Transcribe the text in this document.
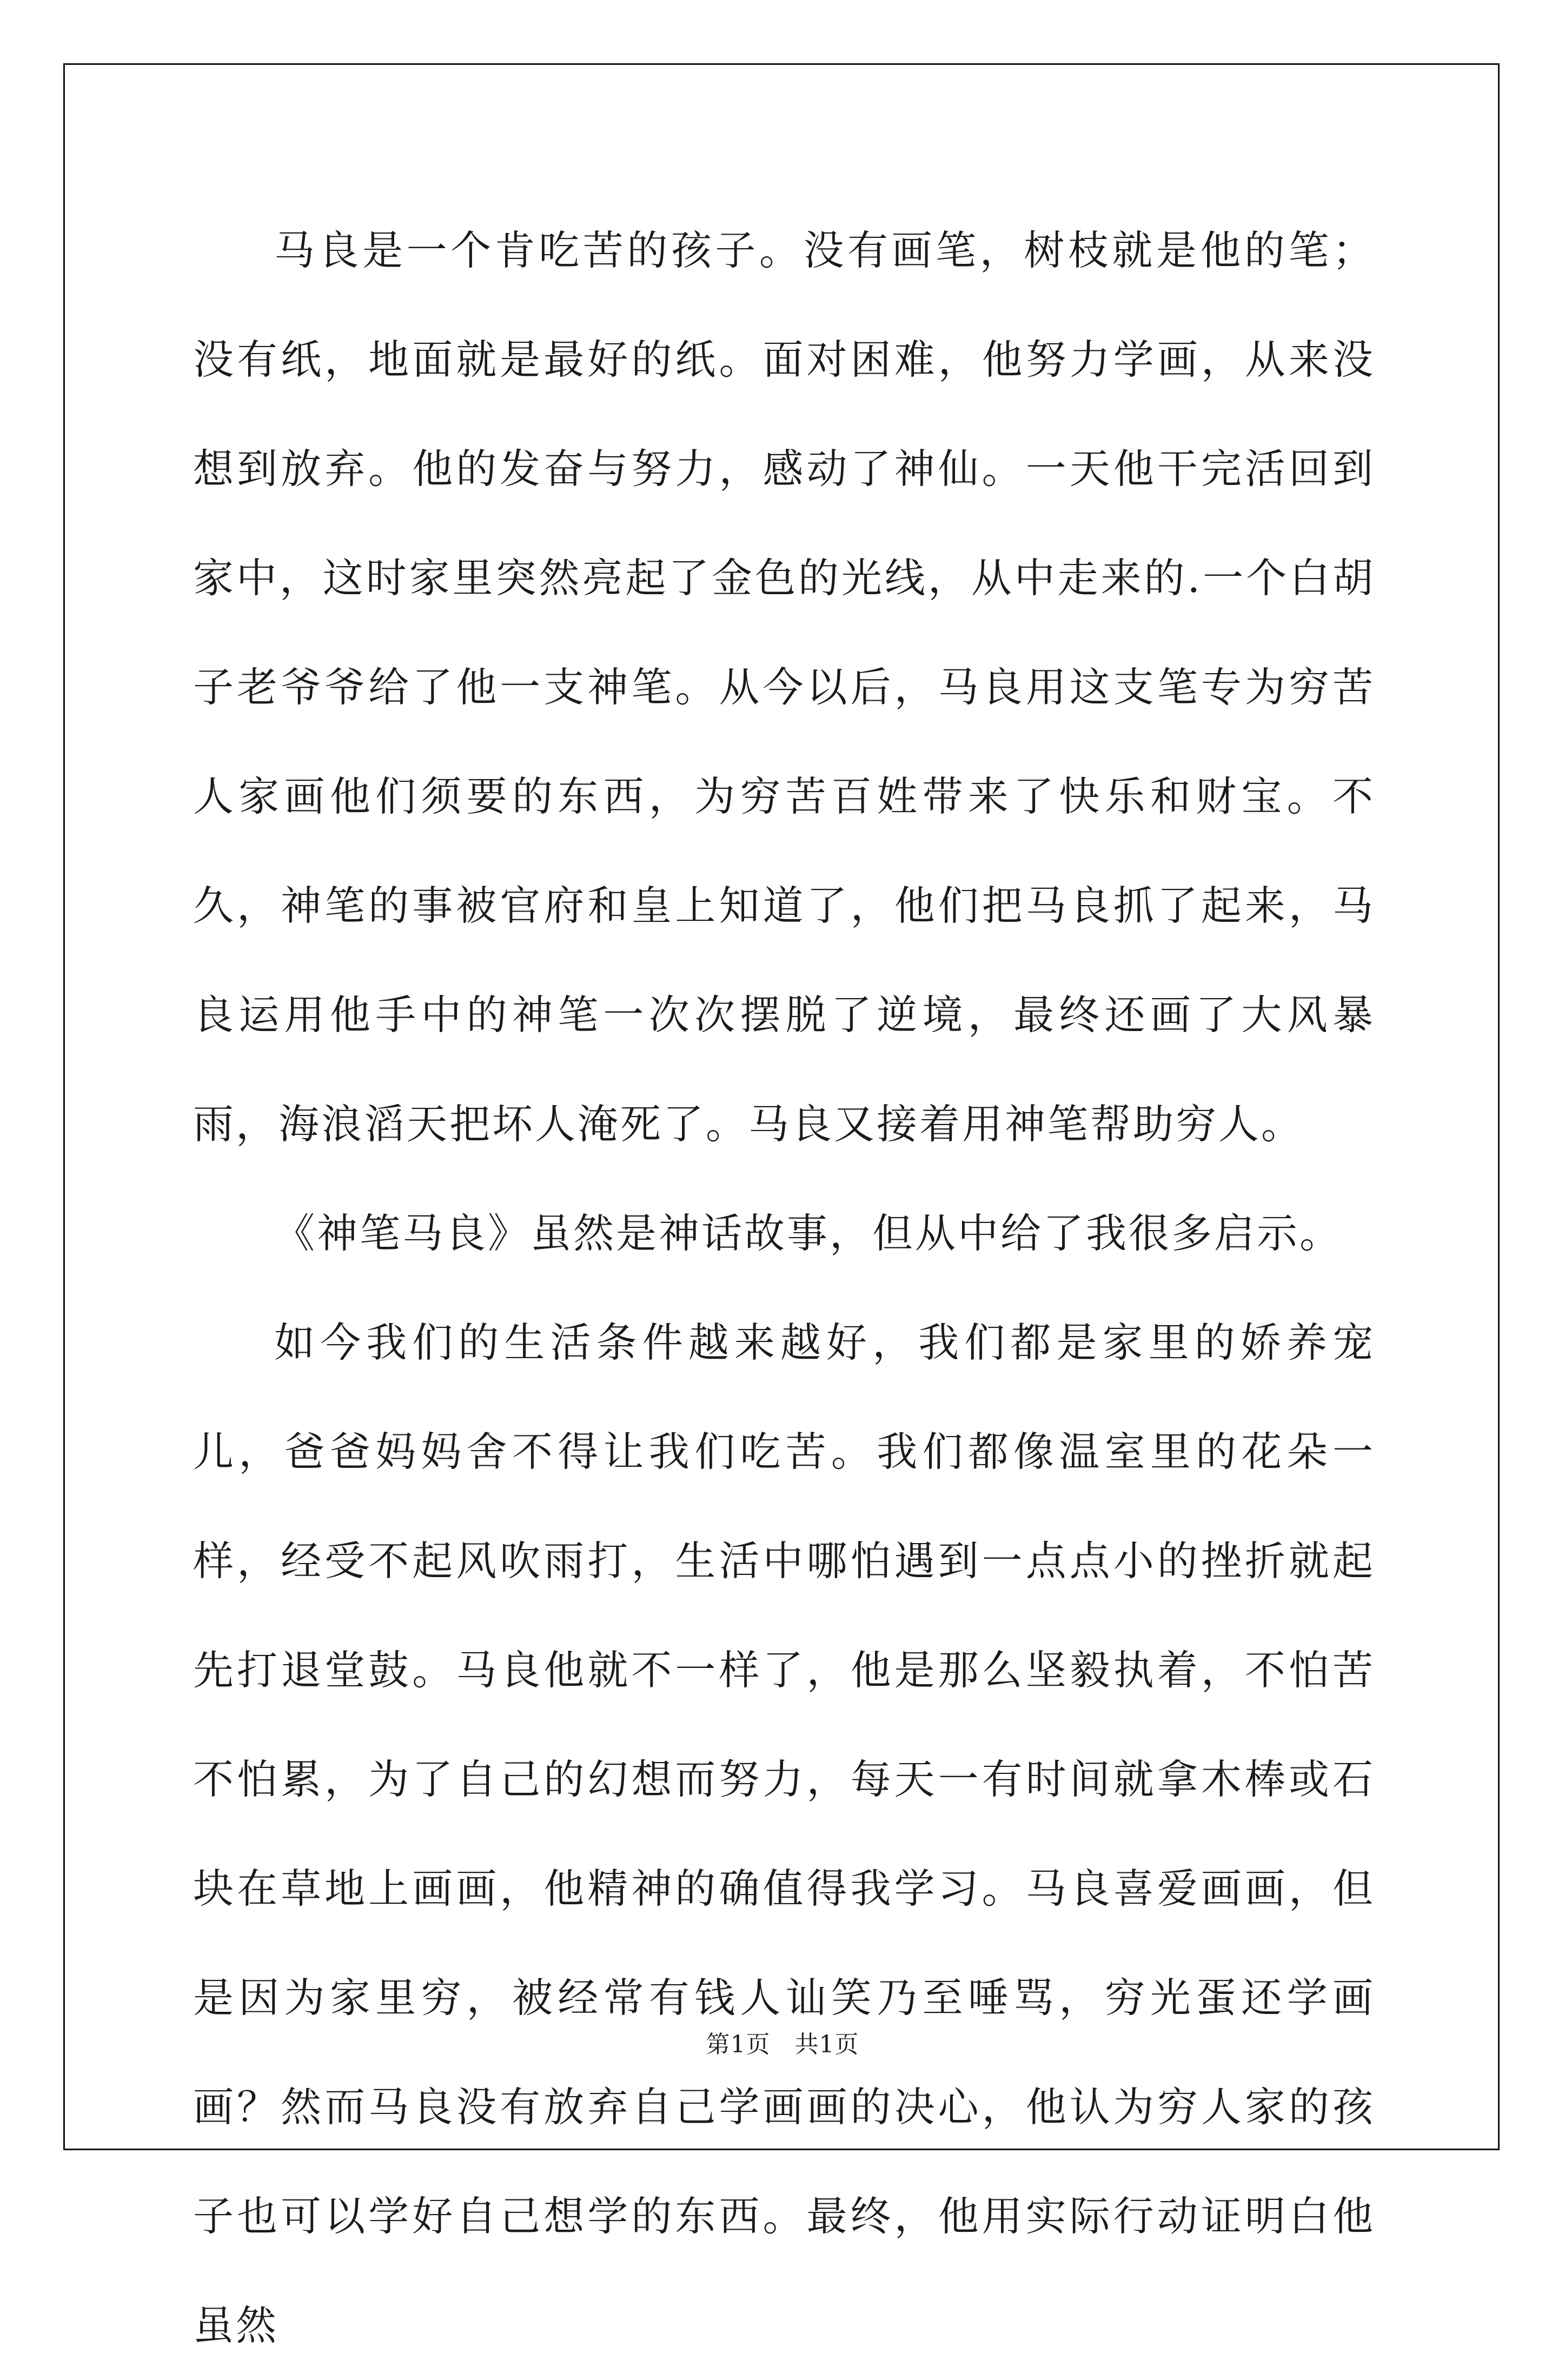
马良是一个肯吃苦的孩子。没有画笔，树枝就是他的笔；没有纸，地面就是最好的纸。面对困难，他努力学画，从来没想到放弃。他的发奋与努力，感动了神仙。一天他干完活回到家中，这时家里突然亮起了金色的光线，从中走来的.一个白胡子老爷爷给了他一支神笔。从今以后，马良用这支笔专为穷苦人家画他们须要的东西，为穷苦百姓带来了快乐和财宝。不久，神笔的事被官府和皇上知道了，他们把马良抓了起来，马良运用他手中的神笔一次次摆脱了逆境，最终还画了大风暴雨，海浪滔天把坏人淹死了。马良又接着用神笔帮助穷人。

《神笔马良》虽然是神话故事，但从中给了我很多启示。

如今我们的生活条件越来越好，我们都是家里的娇养宠儿，爸爸妈妈舍不得让我们吃苦。我们都像温室里的花朵一样，经受不起风吹雨打，生活中哪怕遇到一点点小的挫折就起先打退堂鼓。马良他就不一样了，他是那么坚毅执着，不怕苦不怕累，为了自己的幻想而努力，每天一有时间就拿木棒或石块在草地上画画，他精神的确值得我学习。马良喜爱画画，但是因为家里穷，被经常有钱人讪笑乃至唾骂，穷光蛋还学画画？然而马良没有放弃自己学画画的决心，他认为穷人家的孩子也可以学好自己想学的东西。最终，他用实际行动证明白他虽然

第1页　共1页
